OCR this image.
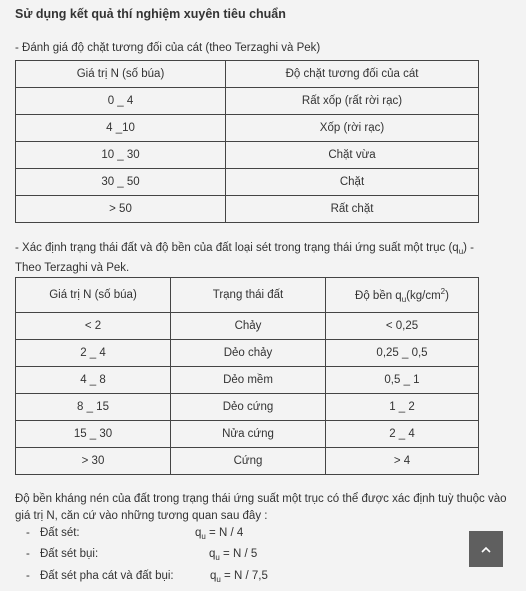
Sử dụng kết quả thí nghiệm xuyên tiêu chuẩn
- Đánh giá độ chặt tương đối của cát (theo Terzaghi và Pek)
Giá trị N (số búa)	Độ chặt tương đối của cát
0 _ 4	Rất xốp (rất rời rạc)
4 _10	Xốp (rời rạc)
10 _ 30	Chặt vừa
30 _ 50	Chặt
> 50	Rất chặt
- Xác định trạng thái đất và độ bền của đất loại sét trong trạng thái ứng suất một trục $(q_u)$ -
Theo Terzaghi và Pek.
Giá trị N (số búa)	Trạng thái đất	Độ bền $q_u(kg/cm^2)$
< 2	Chảy	< 0,25
2 _ 4	Dẻo chảy	0,25 _ 0,5
4 _ 8	Dẻo mềm	0,5 _ 1
8 _ 15	Dẻo cứng	1 _ 2
15 _ 30	Nửa cứng	2 _ 4
> 30	Cứng	> 4
Độ bền kháng nén của đất trong trạng thái ứng suất một trục có thể được xác định tuỳ thuộc vào giá trị N, căn cứ vào những tương quan sau đây :
- Đất sét:	$q_u = N / 4$
- Đất sét bụi:	$q_u = N / 5$
- Đất sét pha cát và đất bụi:	$q_u = N / 7,5$
